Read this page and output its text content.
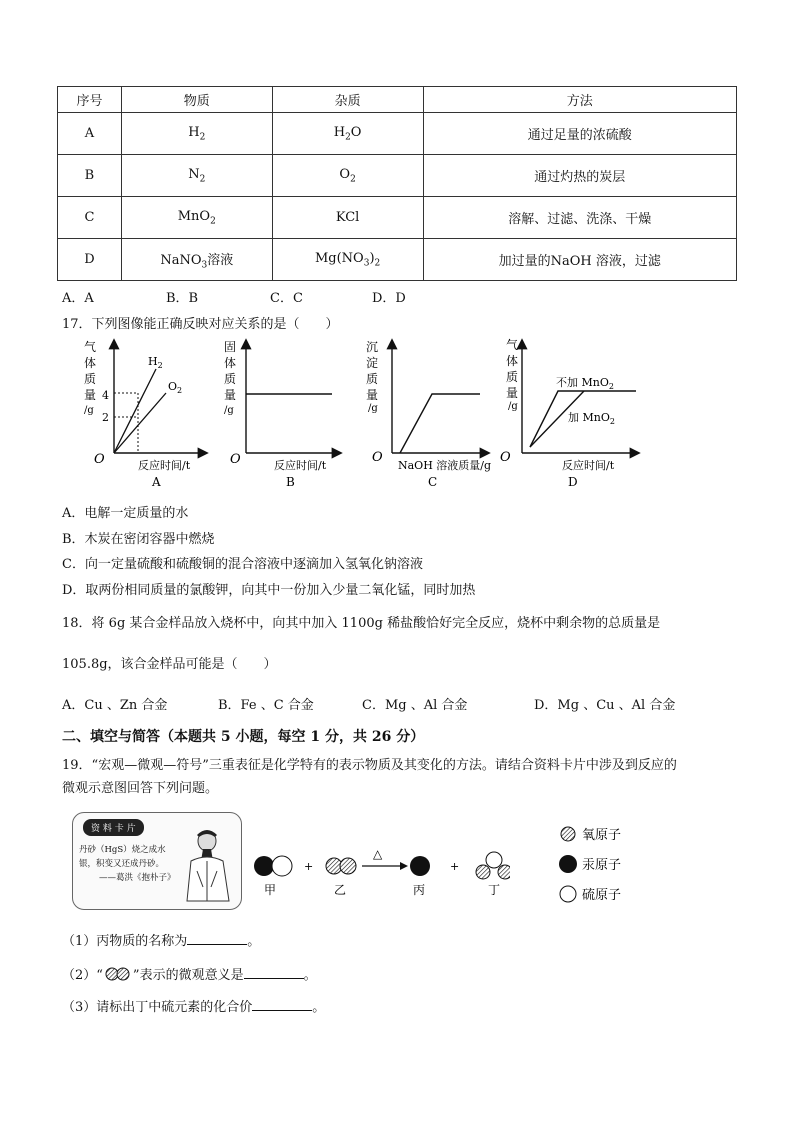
序号	物质	杂质	方法
A	$H_2$	$H_2O$	通过足量的浓硫酸
B	$N_2$	$O_2$	通过灼热的炭层
C	MnO$_2$	KCl	溶解、过滤、洗涤、干燥
D	NaNO$_3$溶液	$Mg(NO_3)_2$	加过量的NaOH 溶液，过滤
A．A	B．B	C．C	D．D
17．下列图像能正确反映对应关系的是（　　）
气
体
质
量
/g
4
2
$H_2$
$O_2$
O	反应时间/t
A
固
体
质
量
/g
O	反应时间/t
B
沉
淀
质
量
/g
O
NaOH 溶液质量/g
C
气
体
质
量
/g
不加 MnO$_2$
加 MnO$_2$
O
反应时间/t
D
A．电解一定质量的水
B．木炭在密闭容器中燃烧
C．向一定量硫酸和硫酸铜的混合溶液中逐滴加入氢氧化钠溶液
D．取两份相同质量的氯酸钾，向其中一份加入少量二氧化锰，同时加热
18．将 6g 某合金样品放入烧杯中，向其中加入 1100g 稀盐酸恰好完全反应，烧杯中剩余物的总质量是
105.8g，该合金样品可能是（　　）
A．Cu 、Zn 合金	B．Fe 、C 合金	C．Mg 、Al 合金	D．Mg 、Cu 、Al 合金
二、填空与简答（本题共 5 小题，每空 1 分，共 26 分）
19．“宏观—微观—符号”三重表征是化学特有的表示物质及其变化的方法。请结合资料卡片中涉及到反应的
微观示意图回答下列问题。
资 料 卡 片
丹砂（HgS）烧之成水
银，积变又还成丹砂。
——葛洪《抱朴子》
甲
+
乙
△
丙
+
丁
氧原子
汞原子
硫原子
（1）丙物质的名称为	。
（2）“ ”表示的微观意义是	。
（3）请标出丁中硫元素的化合价	。
